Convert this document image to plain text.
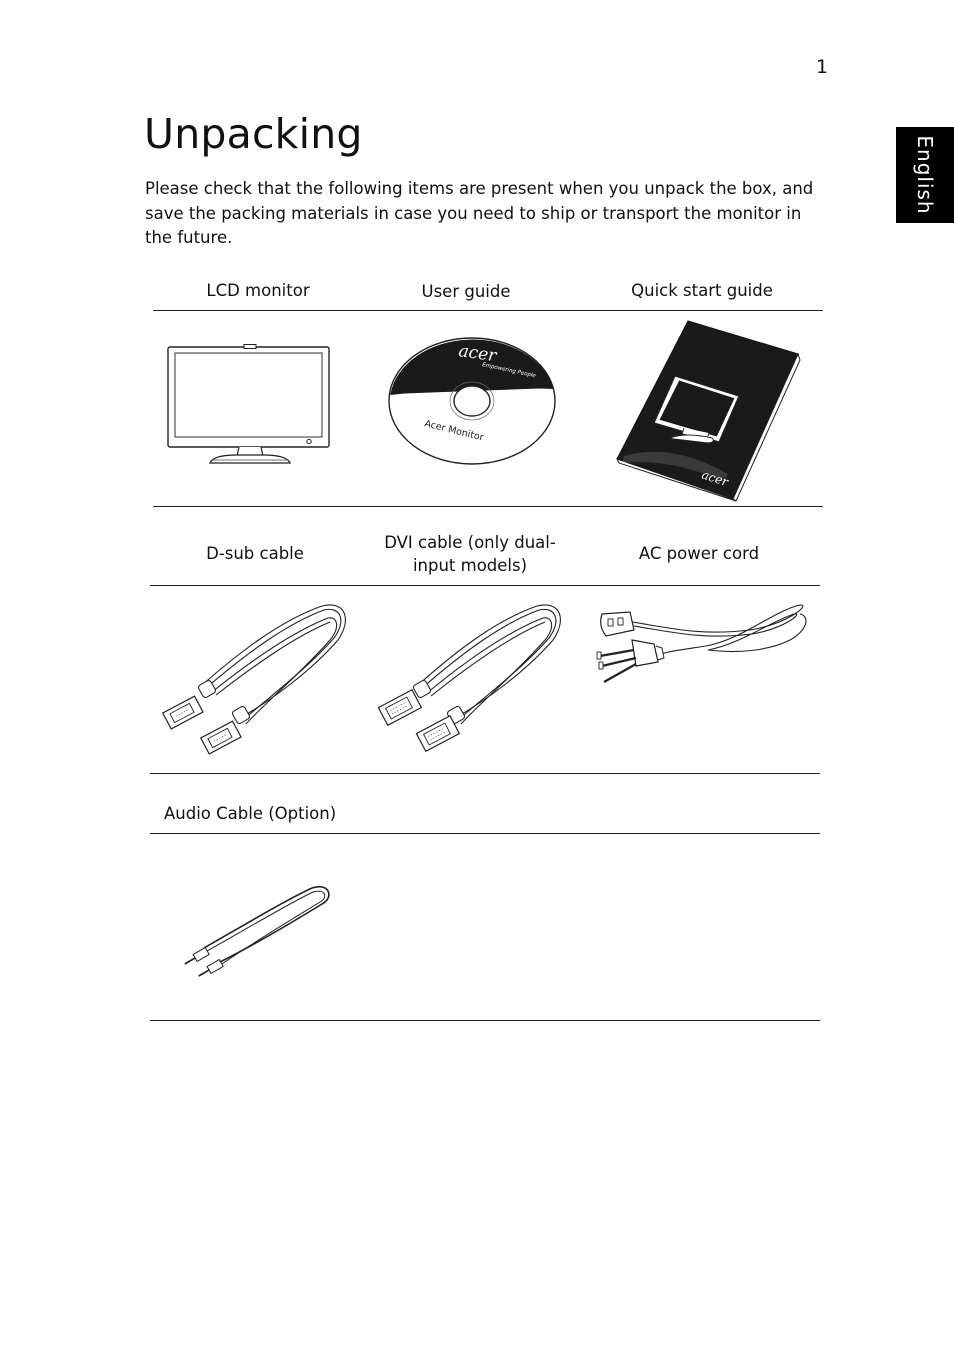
1
English
Unpacking

Please check that the following items are present when you unpack the box, and save the packing materials in case you need to ship or transport the monitor in the future.

LCD monitor	User guide	Quick start guide
acer
Empowering People
Acer Monitor
acer
D-sub cable
DVI cable (only dual-input models)
AC power cord
Audio Cable (Option)
